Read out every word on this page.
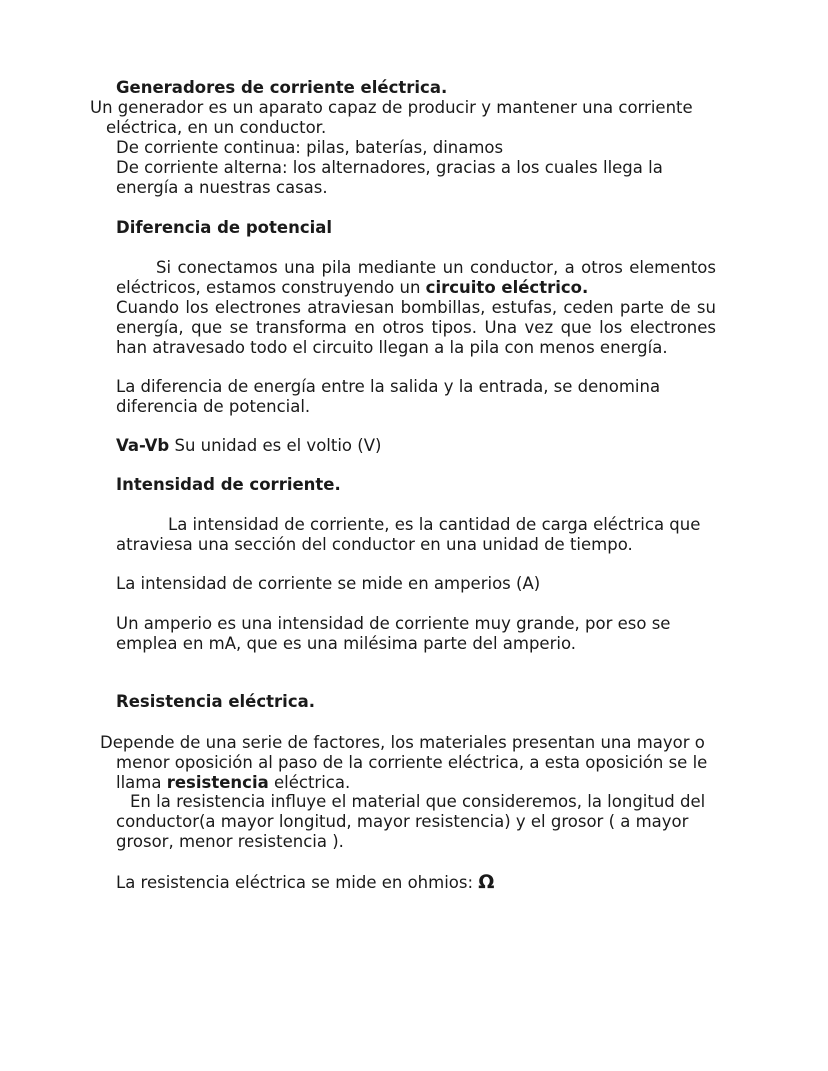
Generadores de corriente eléctrica.

Un generador es un aparato capaz de producir y mantener una corriente

eléctrica, en un conductor.

De corriente continua: pilas, baterías, dinamos

De corriente alterna: los alternadores, gracias a los cuales llega la energía a nuestras casas.

Diferencia de potencial

Si conectamos una pila mediante un conductor, a otros elementos eléctricos, estamos construyendo un circuito eléctrico.

Cuando los electrones atraviesan bombillas, estufas, ceden parte de su energía, que se transforma en otros tipos. Una vez que los electrones han atravesado todo el circuito llegan a la pila con menos energía.

La diferencia de energía entre la salida y la entrada, se denomina diferencia de potencial.

Va-Vb Su unidad es el voltio (V)

Intensidad de corriente.

La intensidad de corriente, es la cantidad de carga eléctrica que atraviesa una sección del conductor en una unidad de tiempo.

La intensidad de corriente se mide en amperios (A)

Un amperio es una intensidad de corriente muy grande, por eso se emplea en mA, que es una milésima parte del amperio.

Resistencia eléctrica.

Depende de una serie de factores, los materiales presentan una mayor o

menor oposición al paso de la corriente eléctrica, a esta oposición se le llama resistencia eléctrica.

En la resistencia influye el material que consideremos, la longitud del conductor(a mayor longitud, mayor resistencia) y el grosor ( a mayor grosor, menor resistencia ).

La resistencia eléctrica se mide en ohmios: Ω
